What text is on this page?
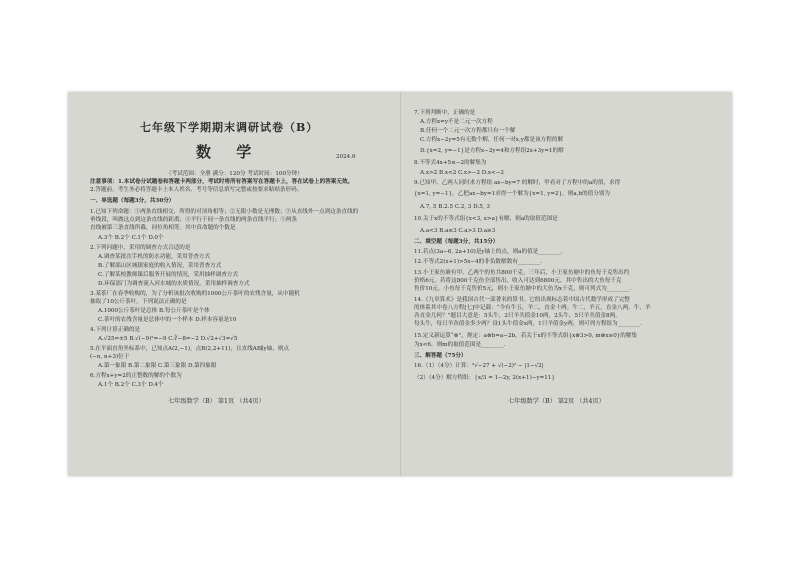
七年级下学期期末调研试卷（B）
数 学	2024.6
（考试范围：全册 满分：120分 考试时间：100分钟）
注意事项：1.本试卷分试题卷和答题卡两部分，考试时将所有答案写在答题卡上，答在试卷上的答案无效。
2.答题前，考生务必将答题卡上本人姓名、考号等信息填写完整或按要求粘贴条形码。
一、单选题（每题3分，共30分）
1.已知下列命题：①两条直线相交，所得的对顶角相等；②无限小数是无理数；③从直线外一点到这条直线的
垂线段，叫做这点到这条直线的距离；④平行于同一条直线的两条直线平行；⑤两条
直线被第三条直线所截，同位角相等。其中真命题的个数是
A.3个 B.2个 C.1个 D.0个
2.下列问题中，采用的调查方式合适的是
A.调查某批次手机的防水功能，采用普查方式
B.了解邵山区城镇家庭的收入情况，采用普查方式
C.了解某校教师课后服务开展的情况，采用抽样调查方式
D.环保部门为调查流入河水城的水质情况，采用抽样调查方式
3.某茶厂在春季收购的，为了分析该批次收购的1000公斤茶叶的农残含量，从中随机
抽取了10公斤茶叶，下列说法正确的是
A.1000公斤茶叶是总体 B.每公斤茶叶是个体
C.茶叶的农残含量是总体中的一个样本 D.样本容量是10
4.下列计算正确的是
A.√25=±5 B.√(−9)²=−9 C.∛−8=−2 D.√2+√3=√5
5.在平面直角坐标系中，已知点A(2,−1)，点B(2,2+11)，且直线AB∥y轴，则点
(−n, n+3)位于
A.第一象限 B.第二象限 C.第三象限 D.第四象限
6.方程x+y=2的正整数的解的个数为
A.1个 B.2个 C.3个 D.4个
七年级数学（B） 第1页 （共4页）
7.下列判断中，正确的是
A.方程x=y不是二元一次方程
B.任何一个二元一次方程都只有一个解
C.方程x−2y=5有无数个解，任何一对x,y都是该方程的解
D.{x=2, y=−1}是方程x−2y=4和方程组2x+3y=1的解
8.不等式4x+5≤−2的解集为
A.x>2 B.x<2 C.x>−2 D.x<−2
9.已知甲、乙两人同时求方程组 ax−by=7 的解时，甲看对了方程中的a的值，求得
{x=1, y=−1}，乙把ax−by=1求得一个解为{x=1, y=2}，则a,b的值分别为
A.7, 5 B.2.5 C.2, 3 D.5, 3
10.关于x的不等式组{x<3, x>a}有解，则a的取值范围是
A.a<3 B.a≤3 C.a>3 D.a≥3
二、填空题（每题3分，共15分）
11.若点(3a−6, 2a+10)是y轴上的点，则a的值是________.
12.不等式2(x+1)>5x−4的非负数解数有________.
13.小王家鱼塘有甲、乙两个的鱼共800千克，三年后，小王家鱼塘中的鱼每千克售出约
价格6元。若将这800千克鱼全部售出，收入可达到6800元，其中售出的大鱼每千克
售价10元，小鱼每千克售价5元，则小王家鱼塘中的大鱼为x千克，则可列式为________.
14.《九章算术》是我国古代一部著名的算书。它的出现标志着中国古代数学形成了完整
的体系其中卷八方程[七]中记载：“今有牛五，羊二，直金十两。牛二，羊五，直金八两。牛、羊
各直金几何？”题目大意是：5头牛，2只羊共值金10两，2头牛，5只羊共值金8两，
每头牛，每只羊各值金多少两？设1头牛值金x两，1只羊值金y两，则可列方程组为________.
15.定义新运算“⊗”，规定：a⊗b=a−2b，若关于x的不等式组{x⊗3>0, m⊗x≥0}的解集
为x<6，则m的取值范围是________.
三、解答题（75分）
16.（1）（4分）计算：³√−27 + √(−2)² − |1−√2|
（2）（4分）解方程组：{x/3 = 1−2y, 2(x+1)−y=11}
七年级数学（B） 第2页 （共4页）
